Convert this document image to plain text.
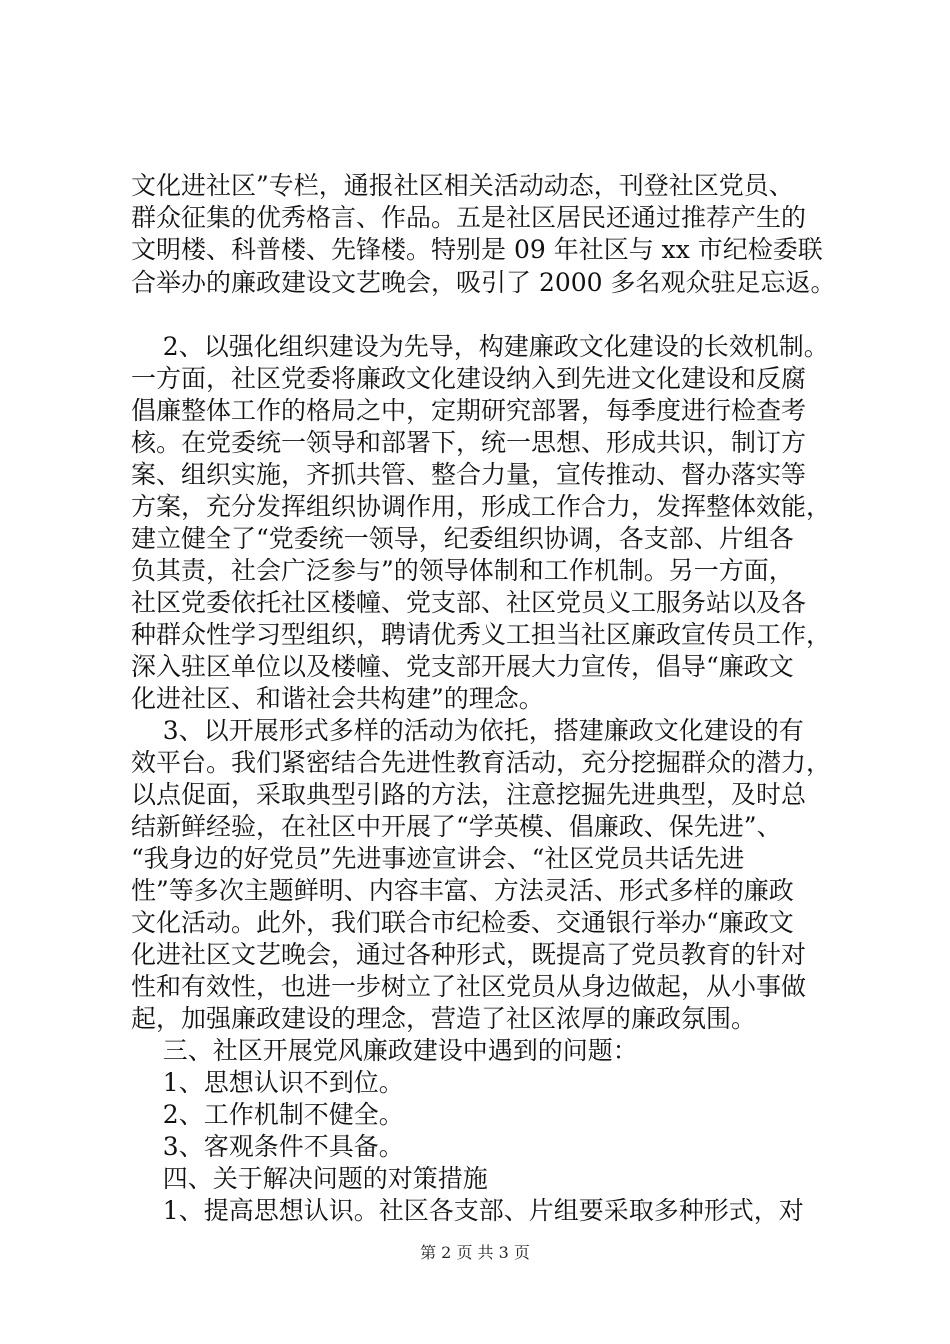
文化进社区”专栏，通报社区相关活动动态，刊登社区党员、

群众征集的优秀格言、作品。五是社区居民还通过推荐产生的

文明楼、科普楼、先锋楼。特别是 09 年社区与 xx 市纪检委联

合举办的廉政建设文艺晚会，吸引了 2000 多名观众驻足忘返。

2、以强化组织建设为先导，构建廉政文化建设的长效机制。

一方面，社区党委将廉政文化建设纳入到先进文化建设和反腐

倡廉整体工作的格局之中，定期研究部署，每季度进行检查考

核。在党委统一领导和部署下，统一思想、形成共识，制订方

案、组织实施，齐抓共管、整合力量，宣传推动、督办落实等

方案，充分发挥组织协调作用，形成工作合力，发挥整体效能，

建立健全了“党委统一领导，纪委组织协调，各支部、片组各

负其责，社会广泛参与”的领导体制和工作机制。另一方面，

社区党委依托社区楼幢、党支部、社区党员义工服务站以及各

种群众性学习型组织，聘请优秀义工担当社区廉政宣传员工作，

深入驻区单位以及楼幢、党支部开展大力宣传，倡导“廉政文

化进社区、和谐社会共构建”的理念。

3、以开展形式多样的活动为依托，搭建廉政文化建设的有

效平台。我们紧密结合先进性教育活动，充分挖掘群众的潜力，

以点促面，采取典型引路的方法，注意挖掘先进典型，及时总

结新鲜经验，在社区中开展了“学英模、倡廉政、保先进”、

“我身边的好党员”先进事迹宣讲会、“社区党员共话先进

性”等多次主题鲜明、内容丰富、方法灵活、形式多样的廉政

文化活动。此外，我们联合市纪检委、交通银行举办“廉政文

化进社区文艺晚会，通过各种形式，既提高了党员教育的针对

性和有效性，也进一步树立了社区党员从身边做起，从小事做

起，加强廉政建设的理念，营造了社区浓厚的廉政氛围。

三、社区开展党风廉政建设中遇到的问题：

1、思想认识不到位。

2、工作机制不健全。

3、客观条件不具备。

四、关于解决问题的对策措施

1、提高思想认识。社区各支部、片组要采取多种形式，对

第 2 页 共 3 页
